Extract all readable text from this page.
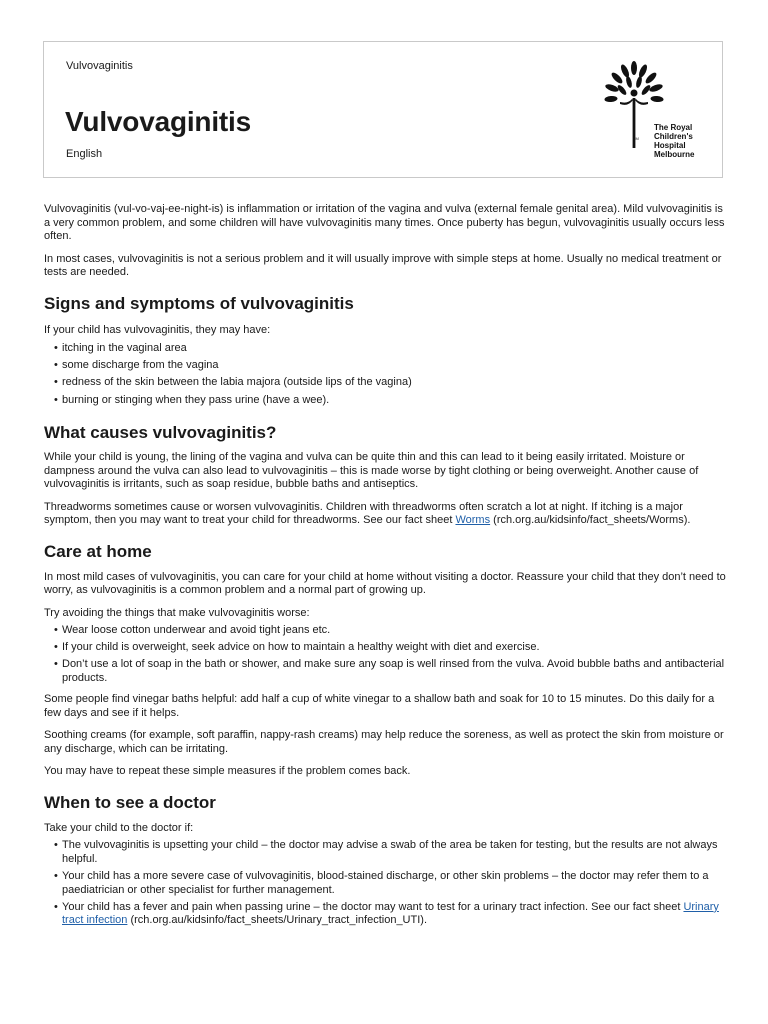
Vulvovaginitis
Vulvovaginitis
English
The Royal
Children's
Hospital
Melbourne
TM

Vulvovaginitis (vul-vo-vaj-ee-night-is) is inflammation or irritation of the vagina and vulva (external female genital area). Mild vulvovaginitis is a very common problem, and some children will have vulvovaginitis many times. Once puberty has begun, vulvovaginitis usually occurs less often.

In most cases, vulvovaginitis is not a serious problem and it will usually improve with simple steps at home. Usually no medical treatment or tests are needed.

Signs and symptoms of vulvovaginitis

If your child has vulvovaginitis, they may have:

• itching in the vaginal area
• some discharge from the vagina
• redness of the skin between the labia majora (outside lips of the vagina)
• burning or stinging when they pass urine (have a wee).
What causes vulvovaginitis?

While your child is young, the lining of the vagina and vulva can be quite thin and this can lead to it being easily irritated. Moisture or dampness around the vulva can also lead to vulvovaginitis – this is made worse by tight clothing or being overweight. Another cause of vulvovaginitis is irritants, such as soap residue, bubble baths and antiseptics.

Threadworms sometimes cause or worsen vulvovaginitis. Children with threadworms often scratch a lot at night. If itching is a major symptom, then you may want to treat your child for threadworms. See our fact sheet Worms (rch.org.au/kidsinfo/fact_sheets/Worms).

Care at home

In most mild cases of vulvovaginitis, you can care for your child at home without visiting a doctor. Reassure your child that they don’t need to worry, as vulvovaginitis is a common problem and a normal part of growing up.

Try avoiding the things that make vulvovaginitis worse:

• Wear loose cotton underwear and avoid tight jeans etc.
• If your child is overweight, seek advice on how to maintain a healthy weight with diet and exercise.
• Don’t use a lot of soap in the bath or shower, and make sure any soap is well rinsed from the vulva. Avoid bubble baths and antibacterial products.

Some people find vinegar baths helpful: add half a cup of white vinegar to a shallow bath and soak for 10 to 15 minutes. Do this daily for a few days and see if it helps.

Soothing creams (for example, soft paraffin, nappy-rash creams) may help reduce the soreness, as well as protect the skin from moisture or any discharge, which can be irritating.

You may have to repeat these simple measures if the problem comes back.

When to see a doctor

Take your child to the doctor if:

• The vulvovaginitis is upsetting your child – the doctor may advise a swab of the area be taken for testing, but the results are not always helpful.
• Your child has a more severe case of vulvovaginitis, blood-stained discharge, or other skin problems – the doctor may refer them to a paediatrician or other specialist for further management.
• Your child has a fever and pain when passing urine – the doctor may want to test for a urinary tract infection. See our fact sheet Urinary tract infection (rch.org.au/kidsinfo/fact_sheets/Urinary_tract_infection_UTI).
